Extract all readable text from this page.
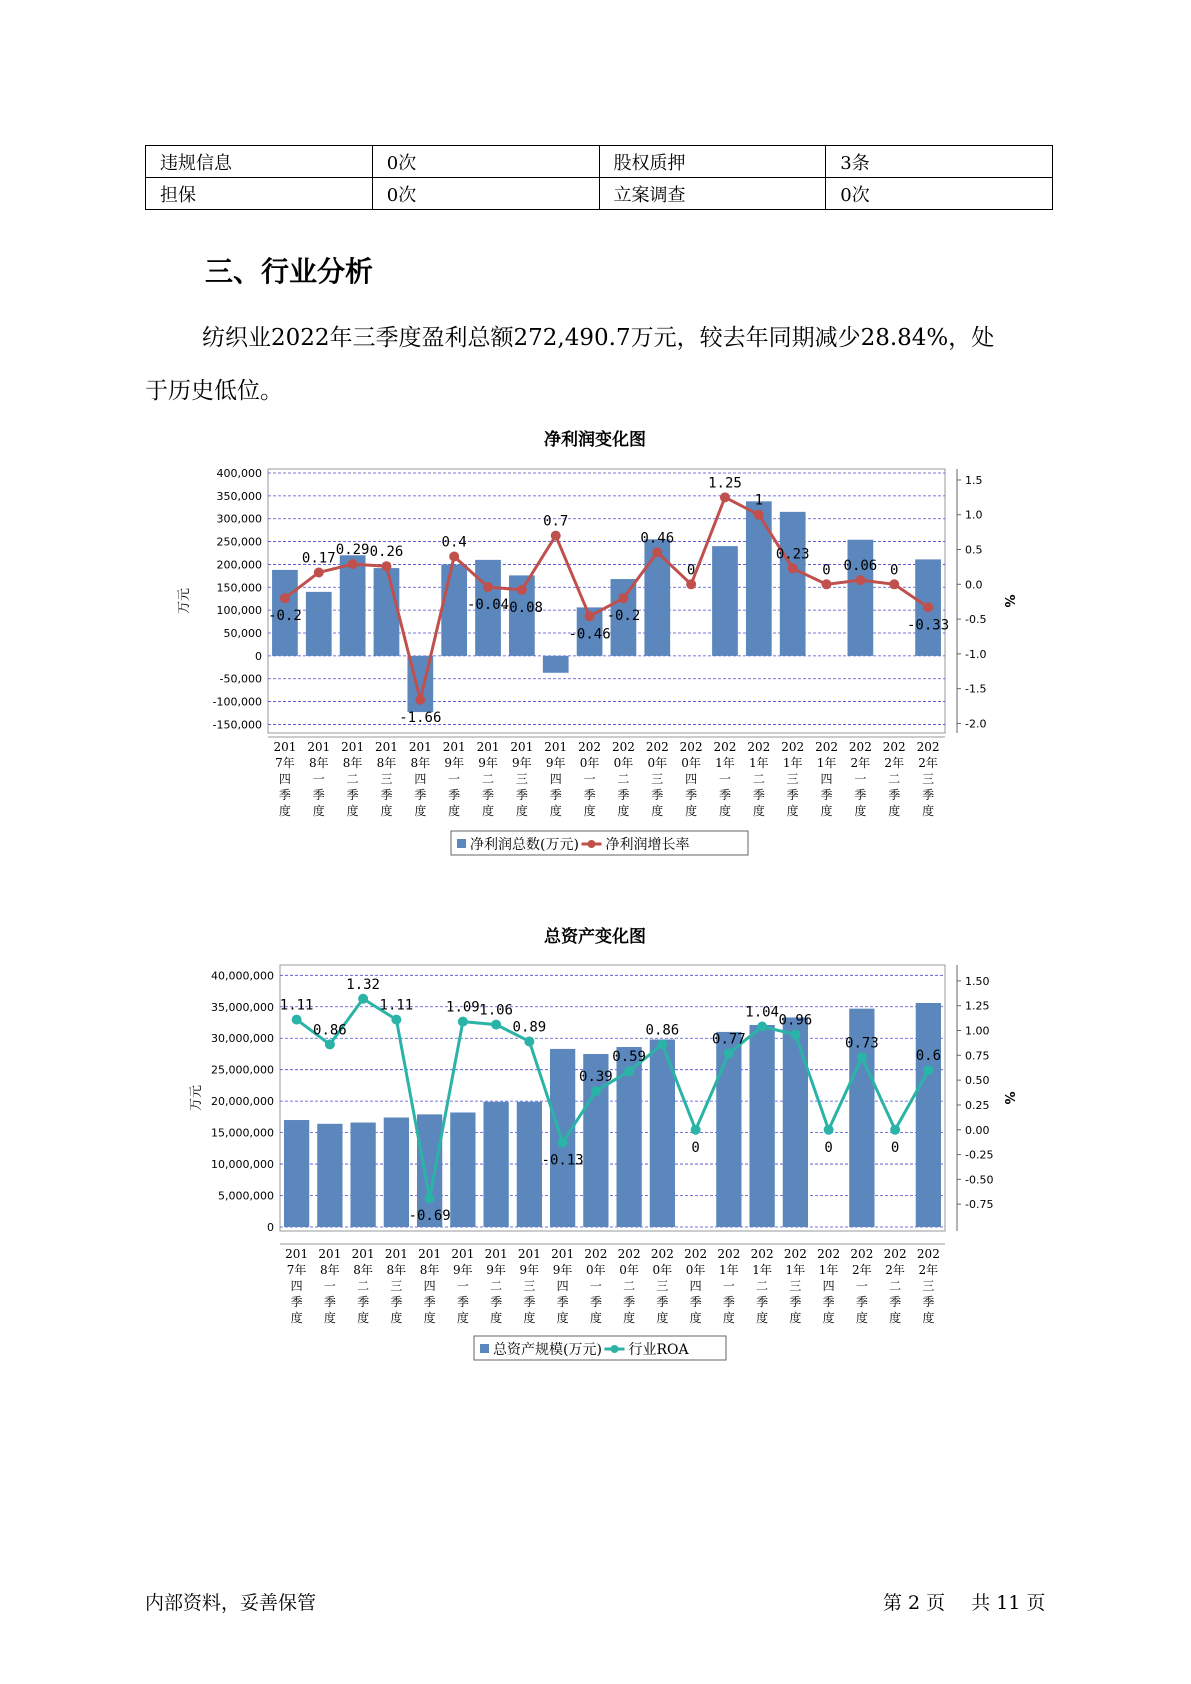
违规信息	0次	股权质押	3条
担保	0次	立案调查	0次
三、行业分析
纺织业2022年三季度盈利总额272,490.7万元，较去年同期减少28.84%，处于历史低位。
净利润变化图
400,000
350,000
300,000
250,000
200,000
150,000
100,000
50,000
0
-50,000
-100,000
-150,000
1.5
1.0
0.5
0.0
-0.5
-1.0
-1.5
-2.0
万元	%
-0.2
0.17
0.29 0.26
-1.66
0.4
-0.04
-0.08
0.7
-0.46
-0.2
0.46
0
1.25
1
0.23
0 0.06 0
-0.33
201
7年
四
季
度
201
8年
一
季
度
201
8年
二
季
度
201
8年
三
季
度
201
8年
四
季
度
201
9年
一
季
度
201
9年
二
季
度
201
9年
三
季
度
201
9年
四
季
度
202
0年
一
季
度
202
0年
二
季
度
202
0年
三
季
度
202
0年
四
季
度
202
1年
一
季
度
202
1年
二
季
度
202
1年
三
季
度
202
1年
四
季
度
202
2年
一
季
度
202
2年
二
季
度
202
2年
三
季
度
净利润总数(万元) 净利润增长率
总资产变化图
40,000,000
35,000,000
30,000,000
25,000,000
20,000,000
15,000,000
10,000,000
5,000,000
0
1.50
1.25
1.00
0.75
0.50
0.25
0.00
-0.25
-0.50
-0.75
万元	%
1.11
0.86
1.32
1.11
-0.69
1.09 1.06
0.89
-0.13
0.39
0.59
0.86
0
0.77
1.04 0.96
0
0.73
0
0.6
201
7年
四
季
度
201
8年
一
季
度
201
8年
二
季
度
201
8年
三
季
度
201
8年
四
季
度
201
9年
一
季
度
201
9年
二
季
度
201
9年
三
季
度
201
9年
四
季
度
202
0年
一
季
度
202
0年
二
季
度
202
0年
三
季
度
202
0年
四
季
度
202
1年
一
季
度
202
1年
二
季
度
202
1年
三
季
度
202
1年
四
季
度
202
2年
一
季
度
202
2年
二
季
度
202
2年
三
季
度
总资产规模(万元) 行业ROA
内部资料，妥善保管	第 2 页 共 11 页
